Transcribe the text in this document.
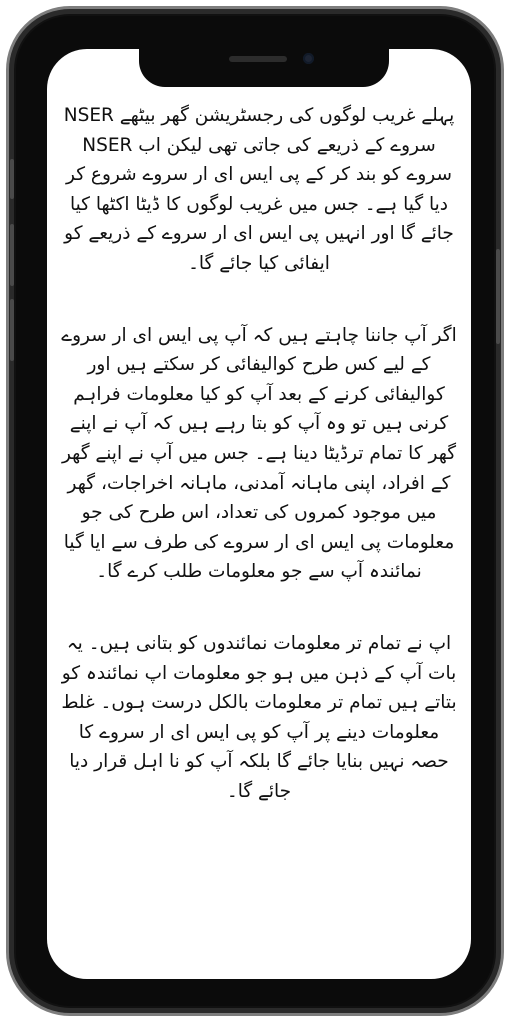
پہلے غریب لوگوں کی رجسٹریشن گھر بیٹھے NSER سروے کے ذریعے کی جاتی تھی لیکن اب NSER سروے کو بند کر کے پی ایس ای ار سروے شروع کر دیا گیا ہے۔ جس میں غریب لوگوں کا ڈیٹا اکٹھا کیا جائے گا اور انہیں پی ایس ای ار سروے کے ذریعے کو ایفائی کیا جائے گا۔

اگر آپ جاننا چاہتے ہیں کہ آپ پی ایس ای ار سروے کے لیے کس طرح کوالیفائی کر سکتے ہیں اور کوالیفائی کرنے کے بعد آپ کو کیا معلومات فراہم کرنی ہیں تو وہ آپ کو بتا رہے ہیں کہ آپ نے اپنے گھر کا تمام ترڈیٹا دینا ہے۔ جس میں آپ نے اپنے گھر کے افراد، اپنی ماہانہ آمدنی، ماہانہ اخراجات، گھر میں موجود کمروں کی تعداد، اس طرح کی جو معلومات پی ایس ای ار سروے کی طرف سے ایا گیا نمائندہ آپ سے جو معلومات طلب کرے گا۔

اپ نے تمام تر معلومات نمائندوں کو بتانی ہیں۔ یہ بات آپ کے ذہن میں ہو جو معلومات اپ نمائندہ کو بتاتے ہیں تمام تر معلومات بالکل درست ہوں۔ غلط معلومات دینے پر آپ کو پی ایس ای ار سروے کا حصہ نہیں بنایا جائے گا بلکہ آپ کو نا اہل قرار دیا جائے گا۔
